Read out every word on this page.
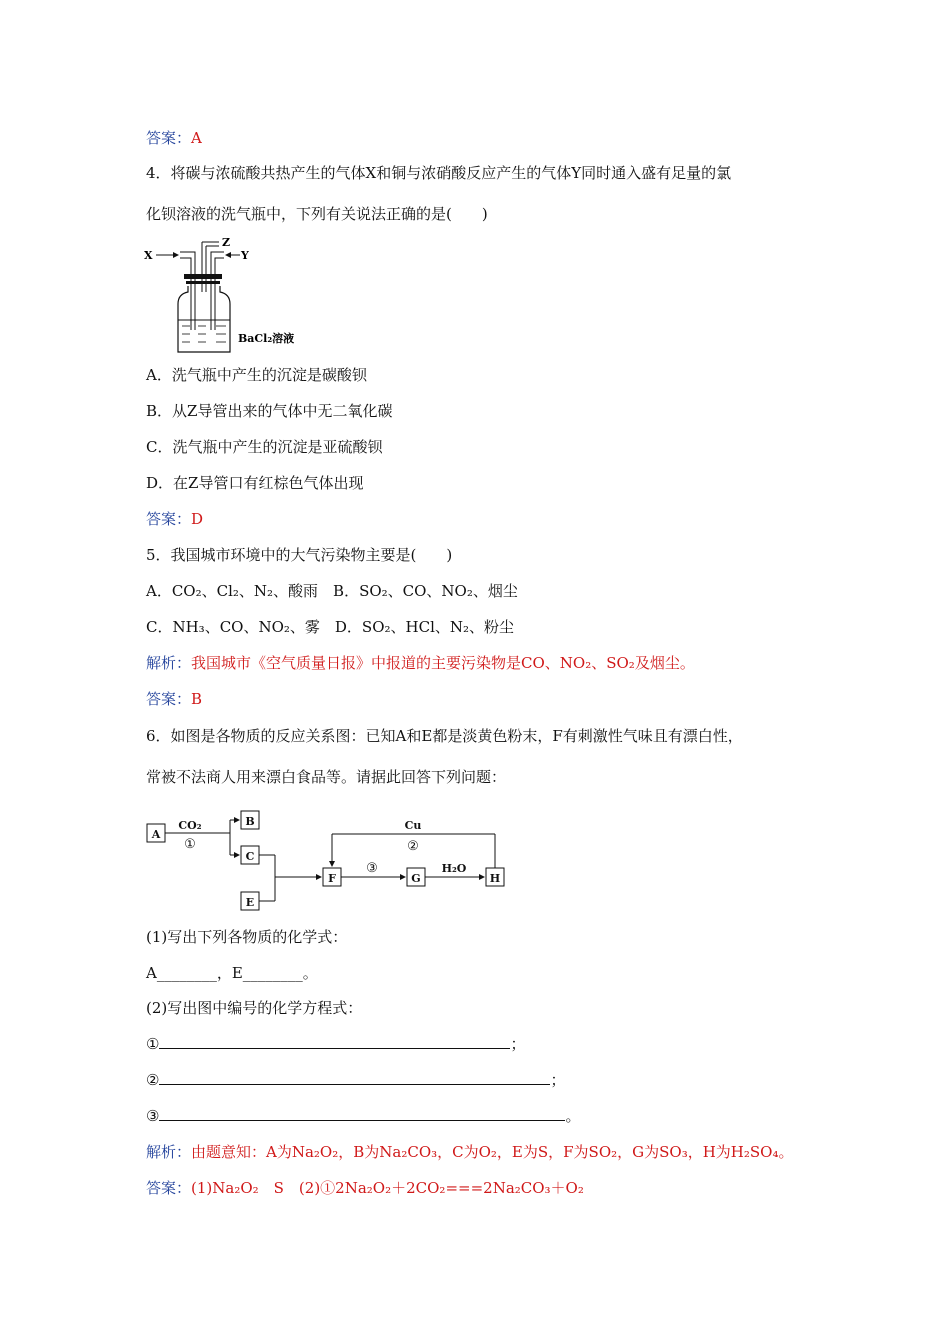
答案：A
4．将碳与浓硫酸共热产生的气体X和铜与浓硝酸反应产生的气体Y同时通入盛有足量的氯
化钡溶液的洗气瓶中，下列有关说法正确的是(　　)
X	Y
Z
BaCl₂溶液
A．洗气瓶中产生的沉淀是碳酸钡
B．从Z导管出来的气体中无二氧化碳
C．洗气瓶中产生的沉淀是亚硫酸钡
D．在Z导管口有红棕色气体出现
答案：D
5．我国城市环境中的大气污染物主要是(　　)
A．CO₂、Cl₂、N₂、酸雨　B．SO₂、CO、NO₂、烟尘
C．NH₃、CO、NO₂、雾　D．SO₂、HCl、N₂、粉尘
解析：我国城市《空气质量日报》中报道的主要污染物是CO、NO₂、SO₂及烟尘。
答案：B
6．如图是各物质的反应关系图：已知A和E都是淡黄色粉末，F有刺激性气味且有漂白性，
常被不法商人用来漂白食品等。请据此回答下列问题：
A
B
C
E
F	G	H
CO₂
①
Cu
②
③	H₂O
(1)写出下列各物质的化学式：
A________，E________。
(2)写出图中编号的化学方程式：
①	；
②	；
③	。
解析：由题意知：A为Na₂O₂，B为Na₂CO₃，C为O₂，E为S，F为SO₂，G为SO₃，H为H₂SO₄。
答案：(1)Na₂O₂　S　(2)①2Na₂O₂＋2CO₂===2Na₂CO₃＋O₂
